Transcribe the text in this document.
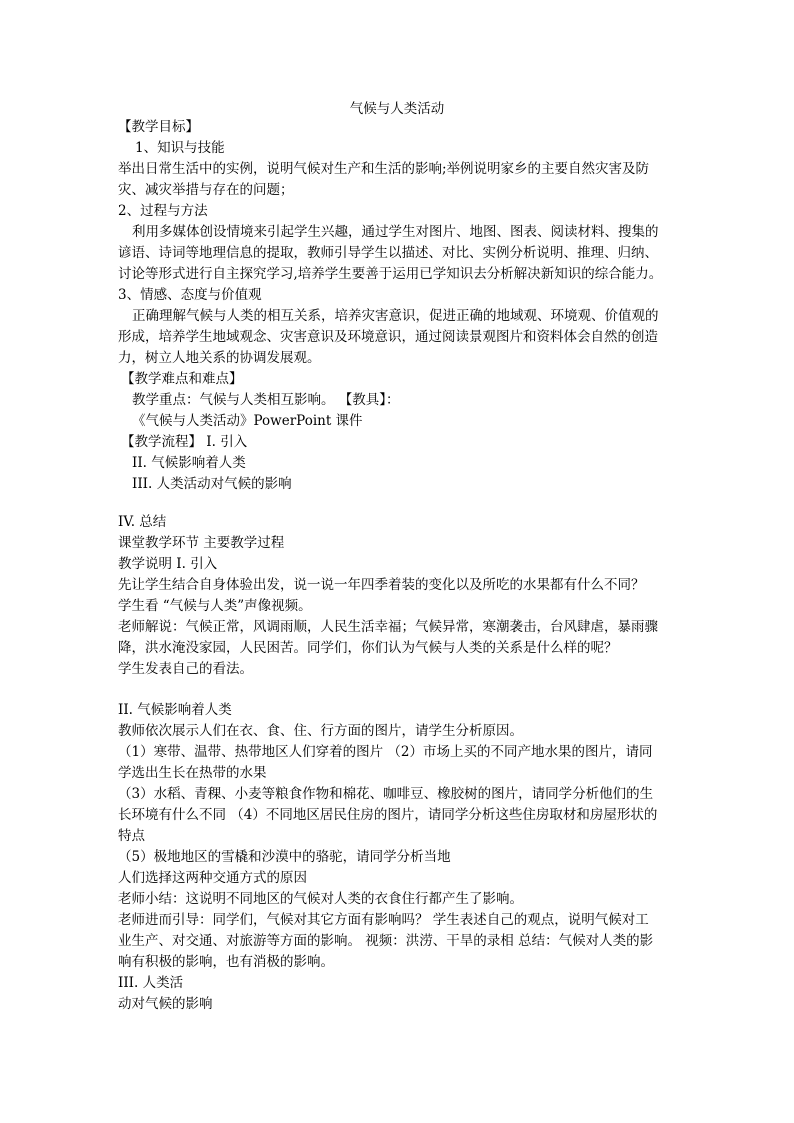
气候与人类活动
【教学目标】
1、知识与技能
举出日常生活中的实例，说明气候对生产和生活的影响;举例说明家乡的主要自然灾害及防
灾、减灾举措与存在的问题；
2、过程与方法
利用多媒体创设情境来引起学生兴趣，通过学生对图片、地图、图表、阅读材料、搜集的
谚语、诗词等地理信息的提取，教师引导学生以描述、对比、实例分析说明、推理、归纳、
讨论等形式进行自主探究学习,培养学生要善于运用已学知识去分析解决新知识的综合能力。
3、情感、态度与价值观
正确理解气候与人类的相互关系，培养灾害意识，促进正确的地域观、环境观、价值观的
形成，培养学生地域观念、灾害意识及环境意识，通过阅读景观图片和资料体会自然的创造
力，树立人地关系的协调发展观。
【教学难点和难点】
教学重点：气候与人类相互影响。 【教具】：
《气候与人类活动》PowerPoint 课件
【教学流程】 I. 引入
II. 气候影响着人类
III. 人类活动对气候的影响
IV. 总结
课堂教学环节 主要教学过程
教学说明 I. 引入
先让学生结合自身体验出发，说一说一年四季着装的变化以及所吃的水果都有什么不同？
学生看 “气候与人类”声像视频。
老师解说：气候正常，风调雨顺，人民生活幸福；气候异常，寒潮袭击，台风肆虐，暴雨骤
降，洪水淹没家园，人民困苦。同学们，你们认为气候与人类的关系是什么样的呢？
学生发表自己的看法。
II. 气候影响着人类
教师依次展示人们在衣、食、住、行方面的图片，请学生分析原因。
（1）寒带、温带、热带地区人们穿着的图片 （2）市场上买的不同产地水果的图片，请同
学选出生长在热带的水果
（3）水稻、青稞、小麦等粮食作物和棉花、咖啡豆、橡胶树的图片，请同学分析他们的生
长环境有什么不同 （4）不同地区居民住房的图片，请同学分析这些住房取材和房屋形状的
特点
（5）极地地区的雪橇和沙漠中的骆驼，请同学分析当地
人们选择这两种交通方式的原因
老师小结：这说明不同地区的气候对人类的衣食住行都产生了影响。
老师进而引导：同学们，气候对其它方面有影响吗？ 学生表述自己的观点，说明气候对工
业生产、对交通、对旅游等方面的影响。 视频：洪涝、干旱的录相 总结：气候对人类的影
响有积极的影响，也有消极的影响。
III. 人类活
动对气候的影响
